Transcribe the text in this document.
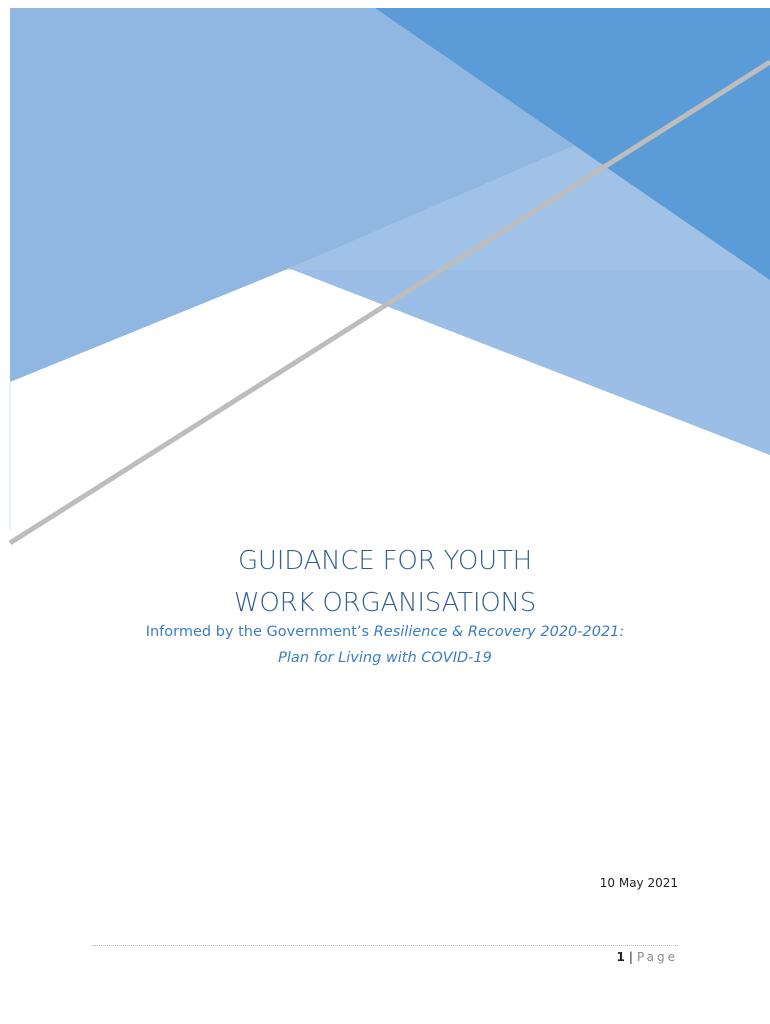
GUIDANCE FOR YOUTH
WORK ORGANISATIONS
Informed by the Government’s Resilience & Recovery 2020-2021:
Plan for Living with COVID-19
10 May 2021
1 | Page
